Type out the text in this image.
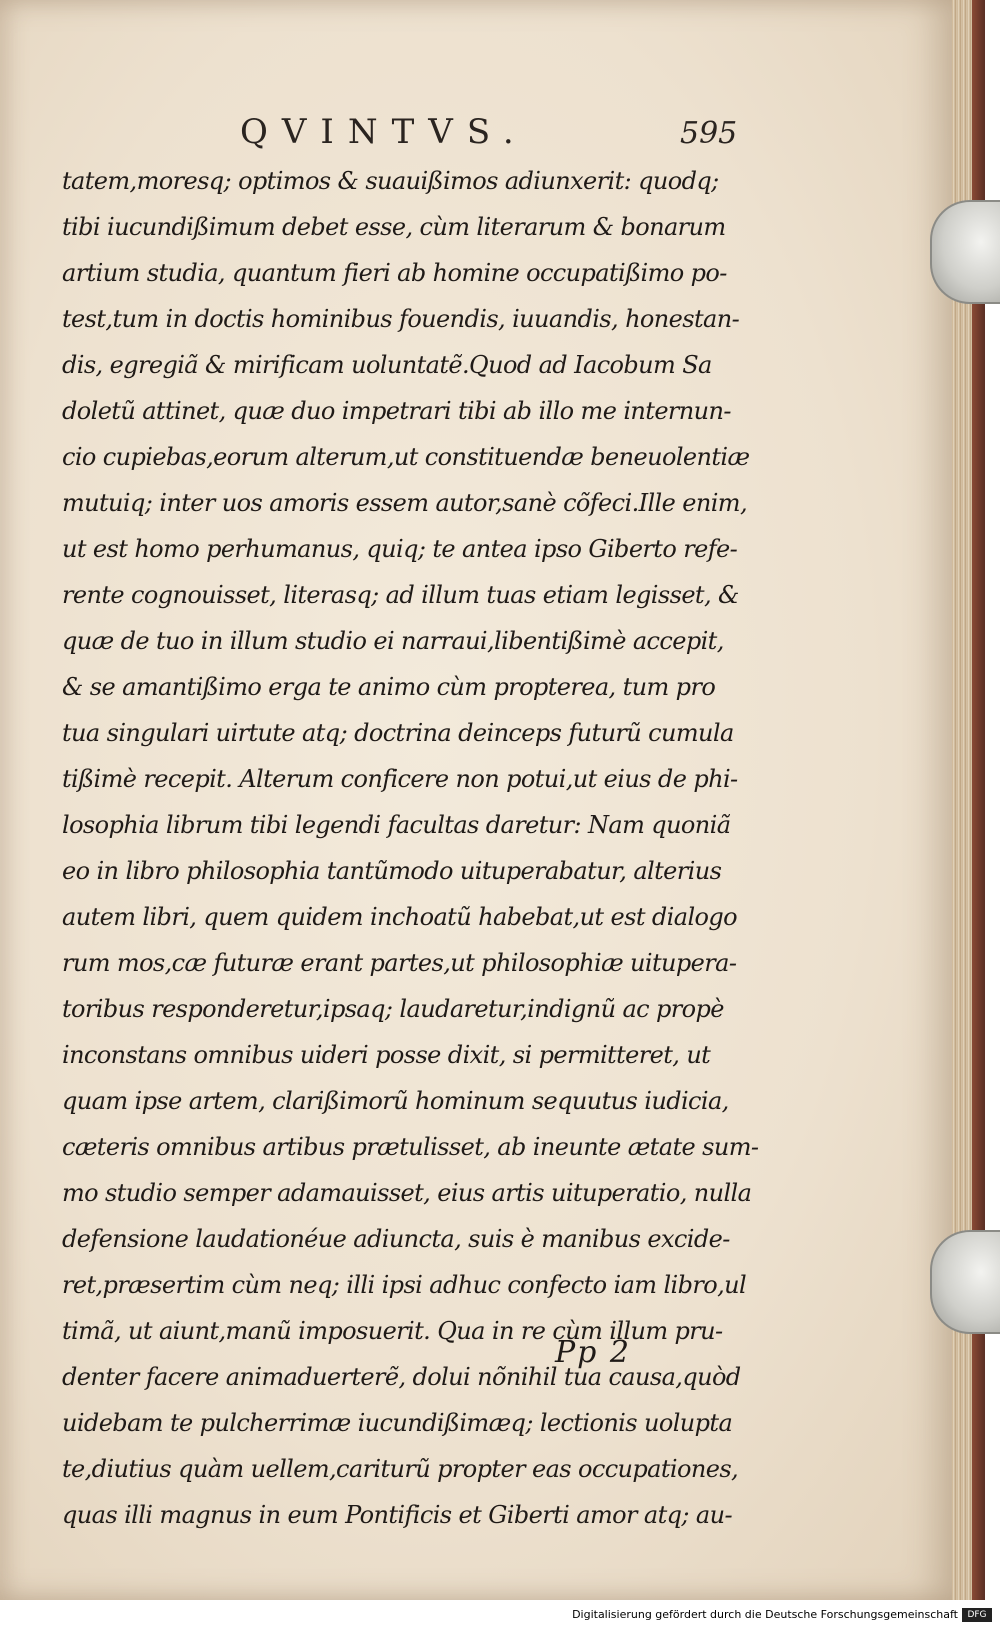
QVINTVS.	595
tatem,moresq; optimos & suauißimos adiunxerit: quodq;
tibi iucundißimum debet esse, cùm literarum & bonarum
artium studia, quantum fieri ab homine occupatißimo po-
test,tum in doctis hominibus fouendis, iuuandis, honestan-
dis, egregiã & mirificam uoluntatẽ.Quod ad Iacobum Sa
doletũ attinet, quæ duo impetrari tibi ab illo me internun-
cio cupiebas,eorum alterum,ut constituendæ beneuolentiæ
mutuiq; inter uos amoris essem autor,sanè cõfeci.Ille enim,
ut est homo perhumanus, quiq; te antea ipso Giberto refe-
rente cognouisset, literasq; ad illum tuas etiam legisset, &
quæ de tuo in illum studio ei narraui,libentißimè accepit,
& se amantißimo erga te animo cùm propterea, tum pro
tua singulari uirtute atq; doctrina deinceps futurũ cumula
tißimè recepit. Alterum conficere non potui,ut eius de phi-
losophia librum tibi legendi facultas daretur: Nam quoniã
eo in libro philosophia tantũmodo uituperabatur, alterius
autem libri, quem quidem inchoatũ habebat,ut est dialogo
rum mos,cæ futuræ erant partes,ut philosophiæ uitupera-
toribus responderetur,ipsaq; laudaretur,indignũ ac propè
inconstans omnibus uideri posse dixit, si permitteret, ut
quam ipse artem, clarißimorũ hominum sequutus iudicia,
cæteris omnibus artibus prætulisset, ab ineunte ætate sum-
mo studio semper adamauisset, eius artis uituperatio, nulla
defensione laudationéue adiuncta, suis è manibus excide-
ret,præsertim cùm neq; illi ipsi adhuc confecto iam libro,ul
timã, ut aiunt,manũ imposuerit. Qua in re cùm illum pru-
denter facere animaduerterẽ, dolui nõnihil tua causa,quòd
uidebam te pulcherrimæ iucundißimæq; lectionis uolupta
te,diutius quàm uellem,cariturũ propter eas occupationes,
quas illi magnus in eum Pontificis et Giberti amor atq; au-
Pp 2
Digitalisierung gefördert durch die Deutsche Forschungsgemeinschaft	DFG
